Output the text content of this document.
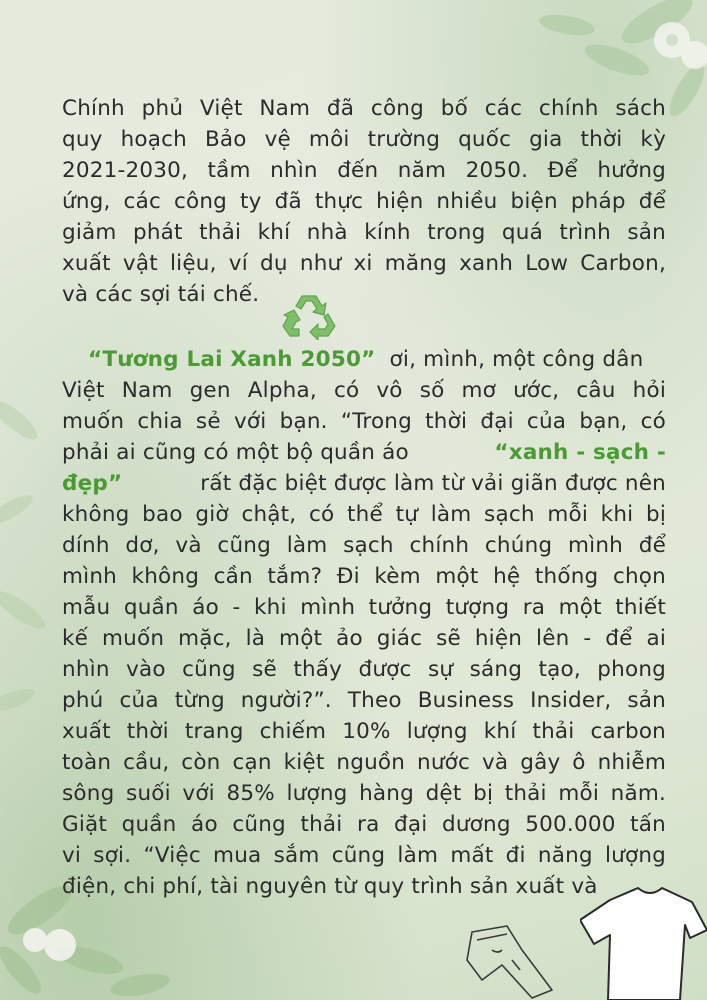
Chính phủ Việt Nam đã công bố các chính sách
quy hoạch Bảo vệ môi trường quốc gia thời kỳ
2021-2030, tầm nhìn đến năm 2050. Để hưởng
ứng, các công ty đã thực hiện nhiều biện pháp để
giảm phát thải khí nhà kính trong quá trình sản
xuất vật liệu, ví dụ như xi măng xanh Low Carbon,
và các sợi tái chế.
“Tương Lai Xanh 2050” ơi, mình, một công dân
Việt Nam gen Alpha, có vô số mơ ước, câu hỏi
muốn chia sẻ với bạn. “Trong thời đại của bạn, có
phải ai cũng có một bộ quần áo	“xanh - sạch -
đẹp”	rất đặc biệt được làm từ vải giãn được nên
không bao giờ chật, có thể tự làm sạch mỗi khi bị
dính dơ, và cũng làm sạch chính chúng mình để
mình không cần tắm? Đi kèm một hệ thống chọn
mẫu quần áo - khi mình tưởng tượng ra một thiết
kế muốn mặc, là một ảo giác sẽ hiện lên - để ai
nhìn vào cũng sẽ thấy được sự sáng tạo, phong
phú của từng người?”. Theo Business Insider, sản
xuất thời trang chiếm 10% lượng khí thải carbon
toàn cầu, còn cạn kiệt nguồn nước và gây ô nhiễm
sông suối với 85% lượng hàng dệt bị thải mỗi năm.
Giặt quần áo cũng thải ra đại dương 500.000 tấn
vi sợi. “Việc mua sắm cũng làm mất đi năng lượng
điện, chi phí, tài nguyên từ quy trình sản xuất và
